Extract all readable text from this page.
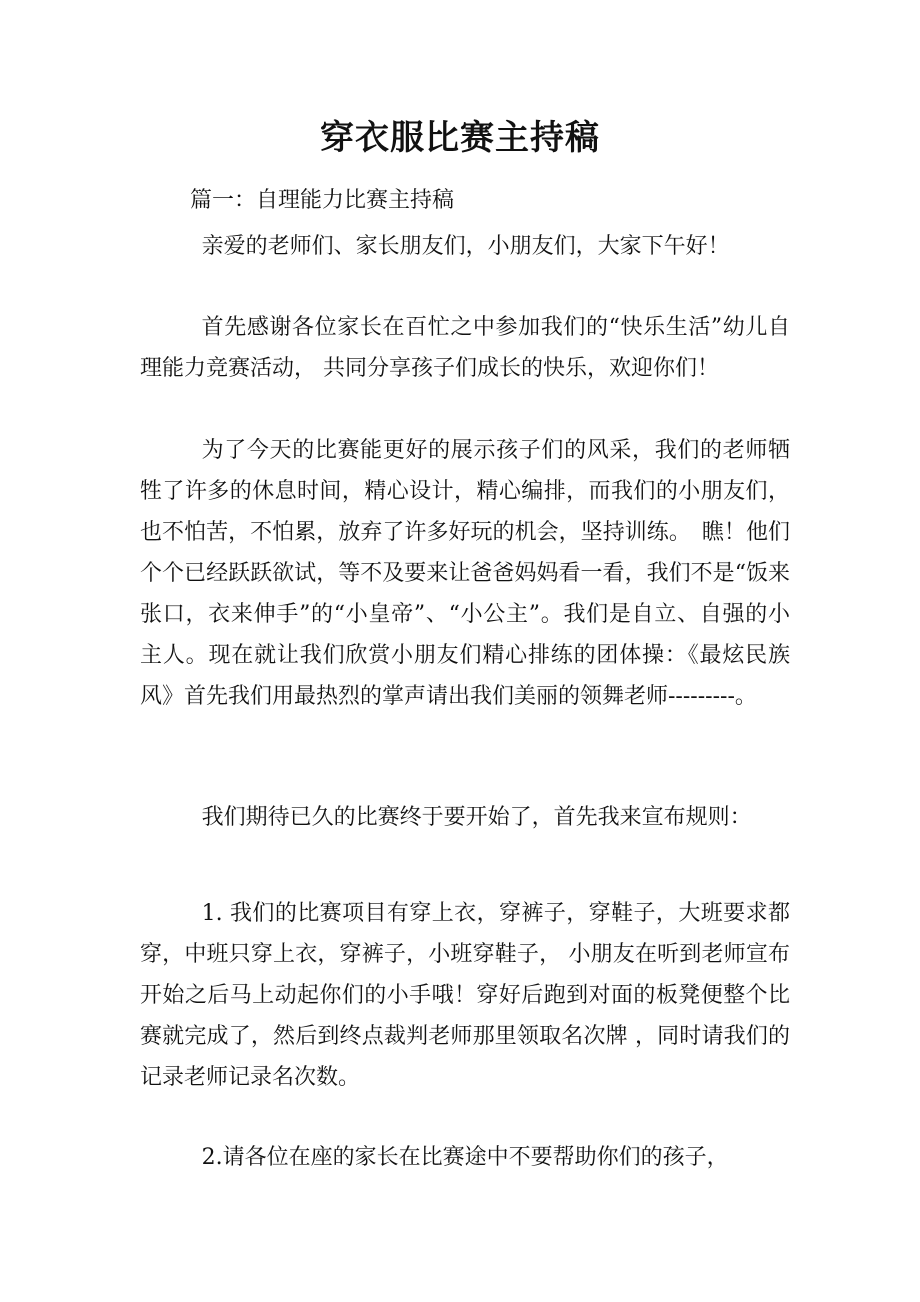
穿衣服比赛主持稿

篇一：自理能力比赛主持稿

亲爱的老师们、家长朋友们，小朋友们，大家下午好！

首先感谢各位家长在百忙之中参加我们的“快乐生活”幼儿自理能力竞赛活动， 共同分享孩子们成长的快乐，欢迎你们！

为了今天的比赛能更好的展示孩子们的风采，我们的老师牺牲了许多的休息时间，精心设计，精心编排，而我们的小朋友们，也不怕苦，不怕累，放弃了许多好玩的机会，坚持训练。　瞧！他们个个已经跃跃欲试，等不及要来让爸爸妈妈看一看，我们不是“饭来张口，衣来伸手”的“小皇帝”、“小公主”。我们是自立、自强的小主人。现在就让我们欣赏小朋友们精心排练的团体操：《最炫民族风》首先我们用最热烈的掌声请出我们美丽的领舞老师---------。

我们期待已久的比赛终于要开始了，首先我来宣布规则：

1. 我们的比赛项目有穿上衣，穿裤子，穿鞋子，大班要求都穿，中班只穿上衣，穿裤子，小班穿鞋子， 小朋友在听到老师宣布开始之后马上动起你们的小手哦！穿好后跑到对面的板凳便整个比赛就完成了，然后到终点裁判老师那里领取名次牌 ，同时请我们的记录老师记录名次数。

2.请各位在座的家长在比赛途中不要帮助你们的孩子，
